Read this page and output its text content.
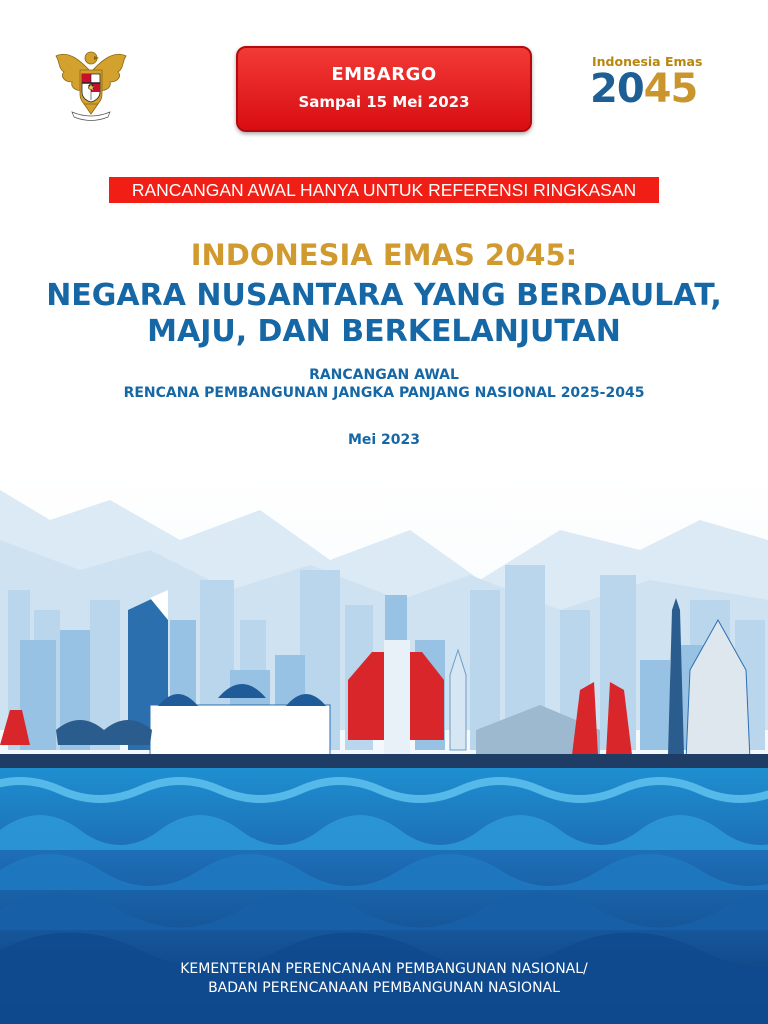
EMBARGO
Sampai 15 Mei 2023
Indonesia Emas
2045
RANCANGAN AWAL HANYA UNTUK REFERENSI RINGKASAN
INDONESIA EMAS 2045:
NEGARA NUSANTARA YANG BERDAULAT,
MAJU, DAN BERKELANJUTAN
RANCANGAN AWAL
RENCANA PEMBANGUNAN JANGKA PANJANG NASIONAL 2025-2045
Mei 2023
KEMENTERIAN PERENCANAAN PEMBANGUNAN NASIONAL/
BADAN PERENCANAAN PEMBANGUNAN NASIONAL
